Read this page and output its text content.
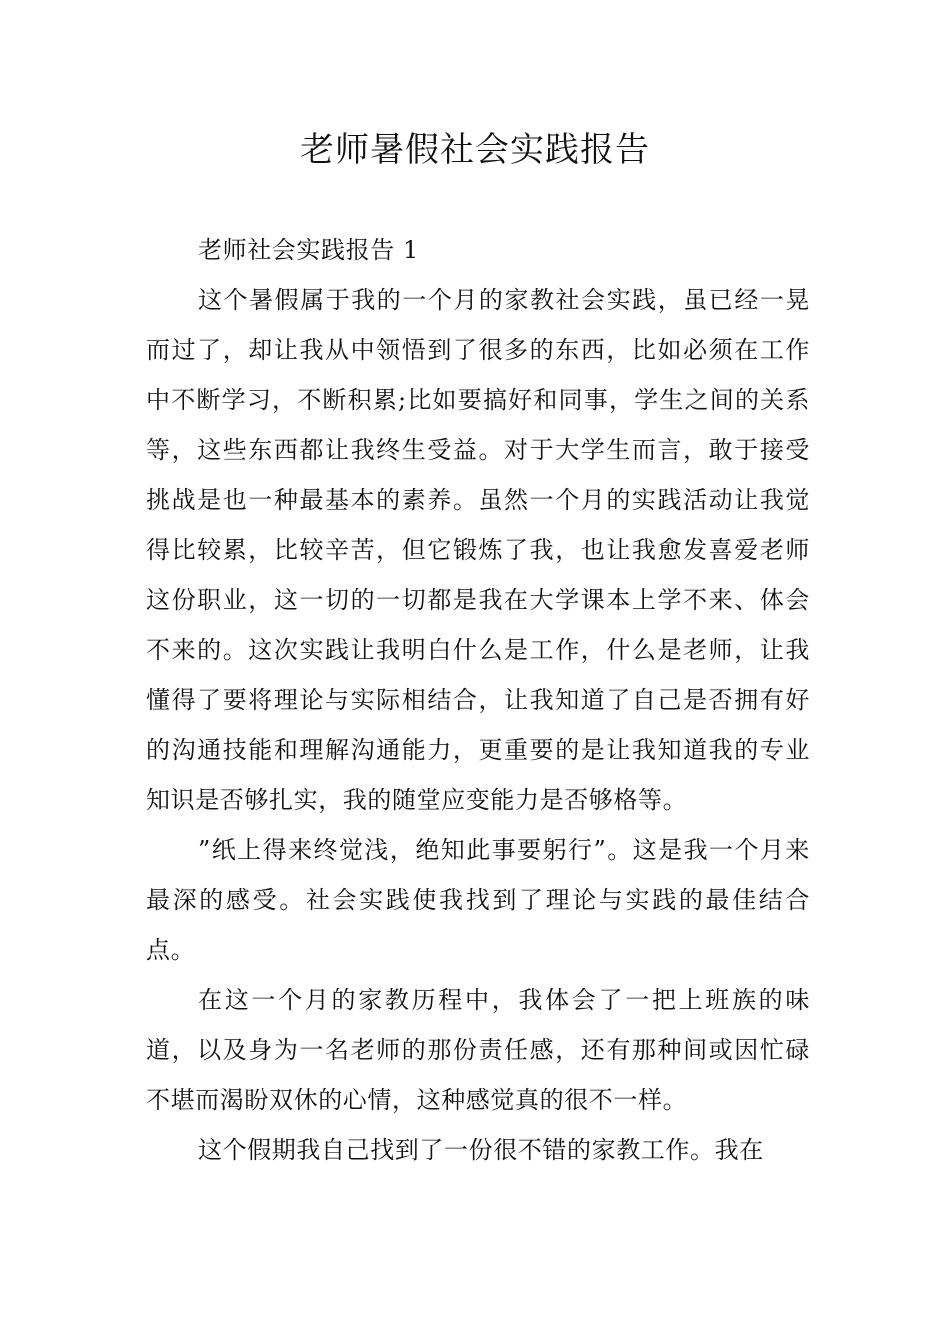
老师暑假社会实践报告

老师社会实践报告 1

这个暑假属于我的一个月的家教社会实践，虽已经一晃而过了，却让我从中领悟到了很多的东西，比如必须在工作中不断学习，不断积累;比如要搞好和同事，学生之间的关系等，这些东西都让我终生受益。对于大学生而言，敢于接受挑战是也一种最基本的素养。虽然一个月的实践活动让我觉得比较累，比较辛苦，但它锻炼了我，也让我愈发喜爱老师这份职业，这一切的一切都是我在大学课本上学不来、体会不来的。这次实践让我明白什么是工作，什么是老师，让我懂得了要将理论与实际相结合，让我知道了自己是否拥有好的沟通技能和理解沟通能力，更重要的是让我知道我的专业知识是否够扎实，我的随堂应变能力是否够格等。

”纸上得来终觉浅，绝知此事要躬行”。这是我一个月来最深的感受。社会实践使我找到了理论与实践的最佳结合点。

在这一个月的家教历程中，我体会了一把上班族的味道，以及身为一名老师的那份责任感，还有那种间或因忙碌不堪而渴盼双休的心情，这种感觉真的很不一样。

这个假期我自己找到了一份很不错的家教工作。我在
